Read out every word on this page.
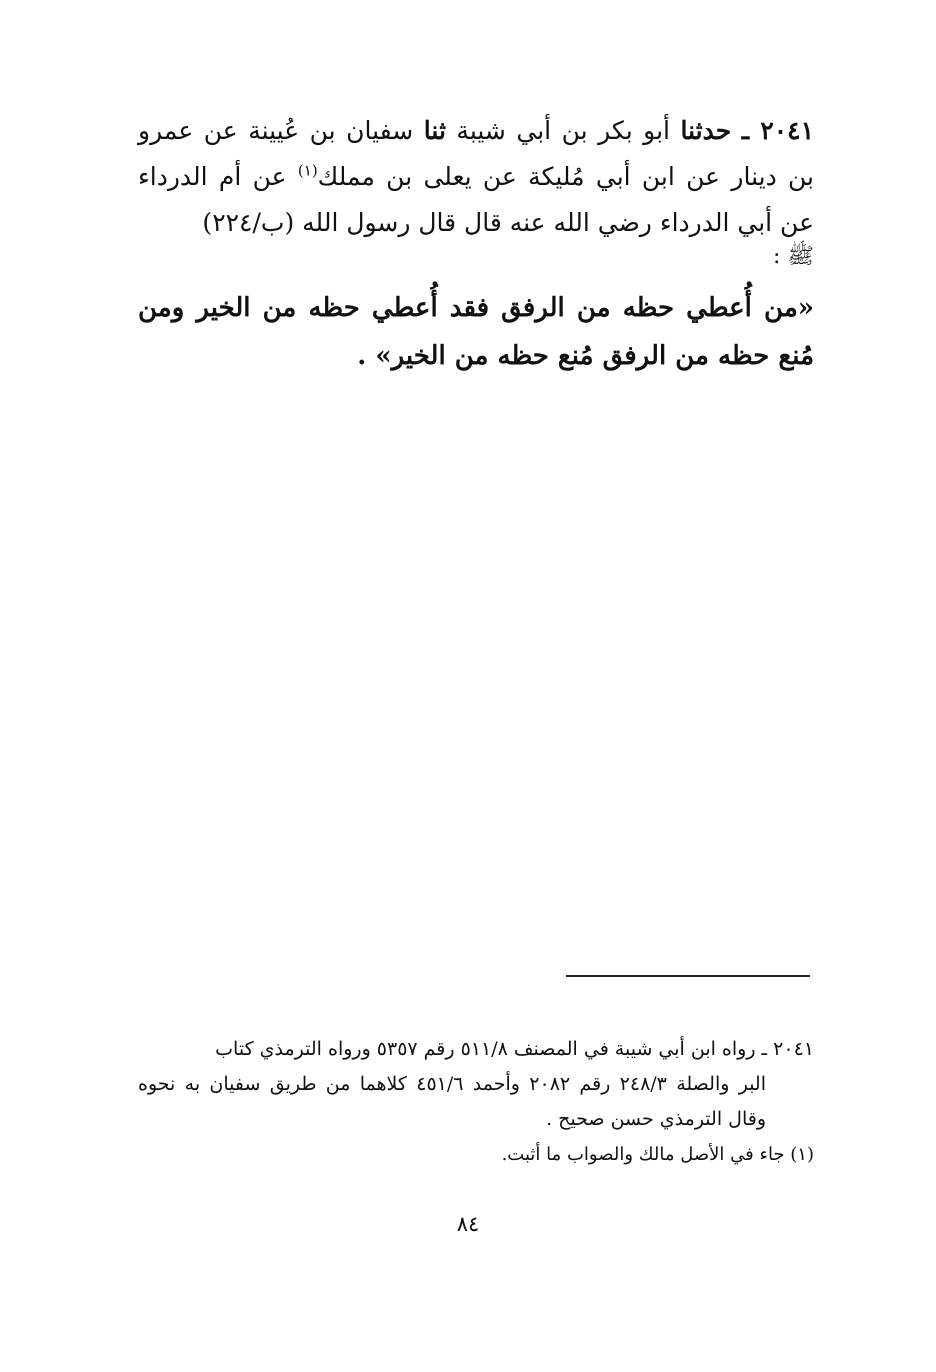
٢٠٤١ ـ حدثنا أبو بكر بن أبي شيبة ثنا سفيان بن عُيينة عن عمرو بن دينار عن ابن أبي مُليكة عن يعلى بن مملك$^{(١)}$ عن أم الدرداء عن أبي الدرداء رضي الله عنه قال قال رسول الله (ب/٢٢٤)
ﷺ :

«من أُعطي حظه من الرفق فقد أُعطي حظه من الخير ومن مُنع حظه من الرفق مُنع حظه من الخير» .

٢٠٤١ ـ رواه ابن أبي شيبة في المصنف ٥١١/٨ رقم ٥٣٥٧ ورواه الترمذي كتاب
البر والصلة ٢٤٨/٣ رقم ٢٠٨٢ وأحمد ٤٥١/٦ كلاهما من طريق سفيان به نحوه وقال الترمذي حسن صحيح .

(١) جاء في الأصل مالك والصواب ما أثبت.

٨٤
